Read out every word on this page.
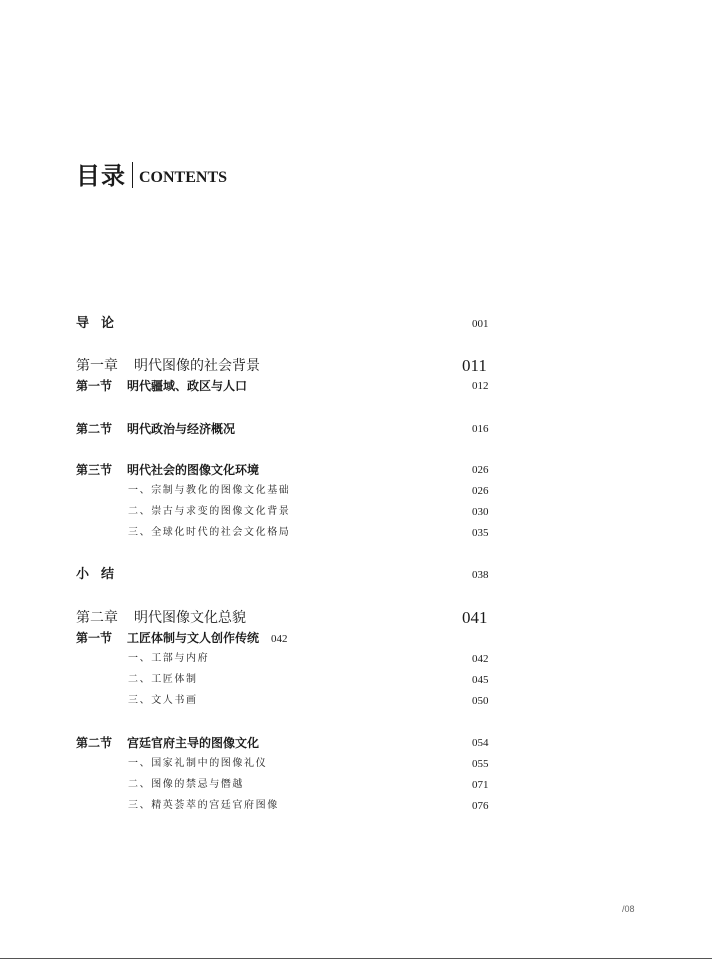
目录 CONTENTS
导论	001
第一章 明代图像的社会背景	011
第一节 明代疆域、政区与人口	012
第二节 明代政治与经济概况	016
第三节 明代社会的图像文化环境	026
一、宗制与教化的图像文化基础	026
二、崇古与求变的图像文化背景	030
三、全球化时代的社会文化格局	035
小结	038
第二章 明代图像文化总貌	041
第一节 工匠体制与文人创作传统 042
一、工部与内府	042
二、工匠体制	045
三、文人书画	050
第二节 宫廷官府主导的图像文化	054
一、国家礼制中的图像礼仪	055
二、图像的禁忌与僭越	071
三、精英荟萃的宫廷官府图像	076
/08
